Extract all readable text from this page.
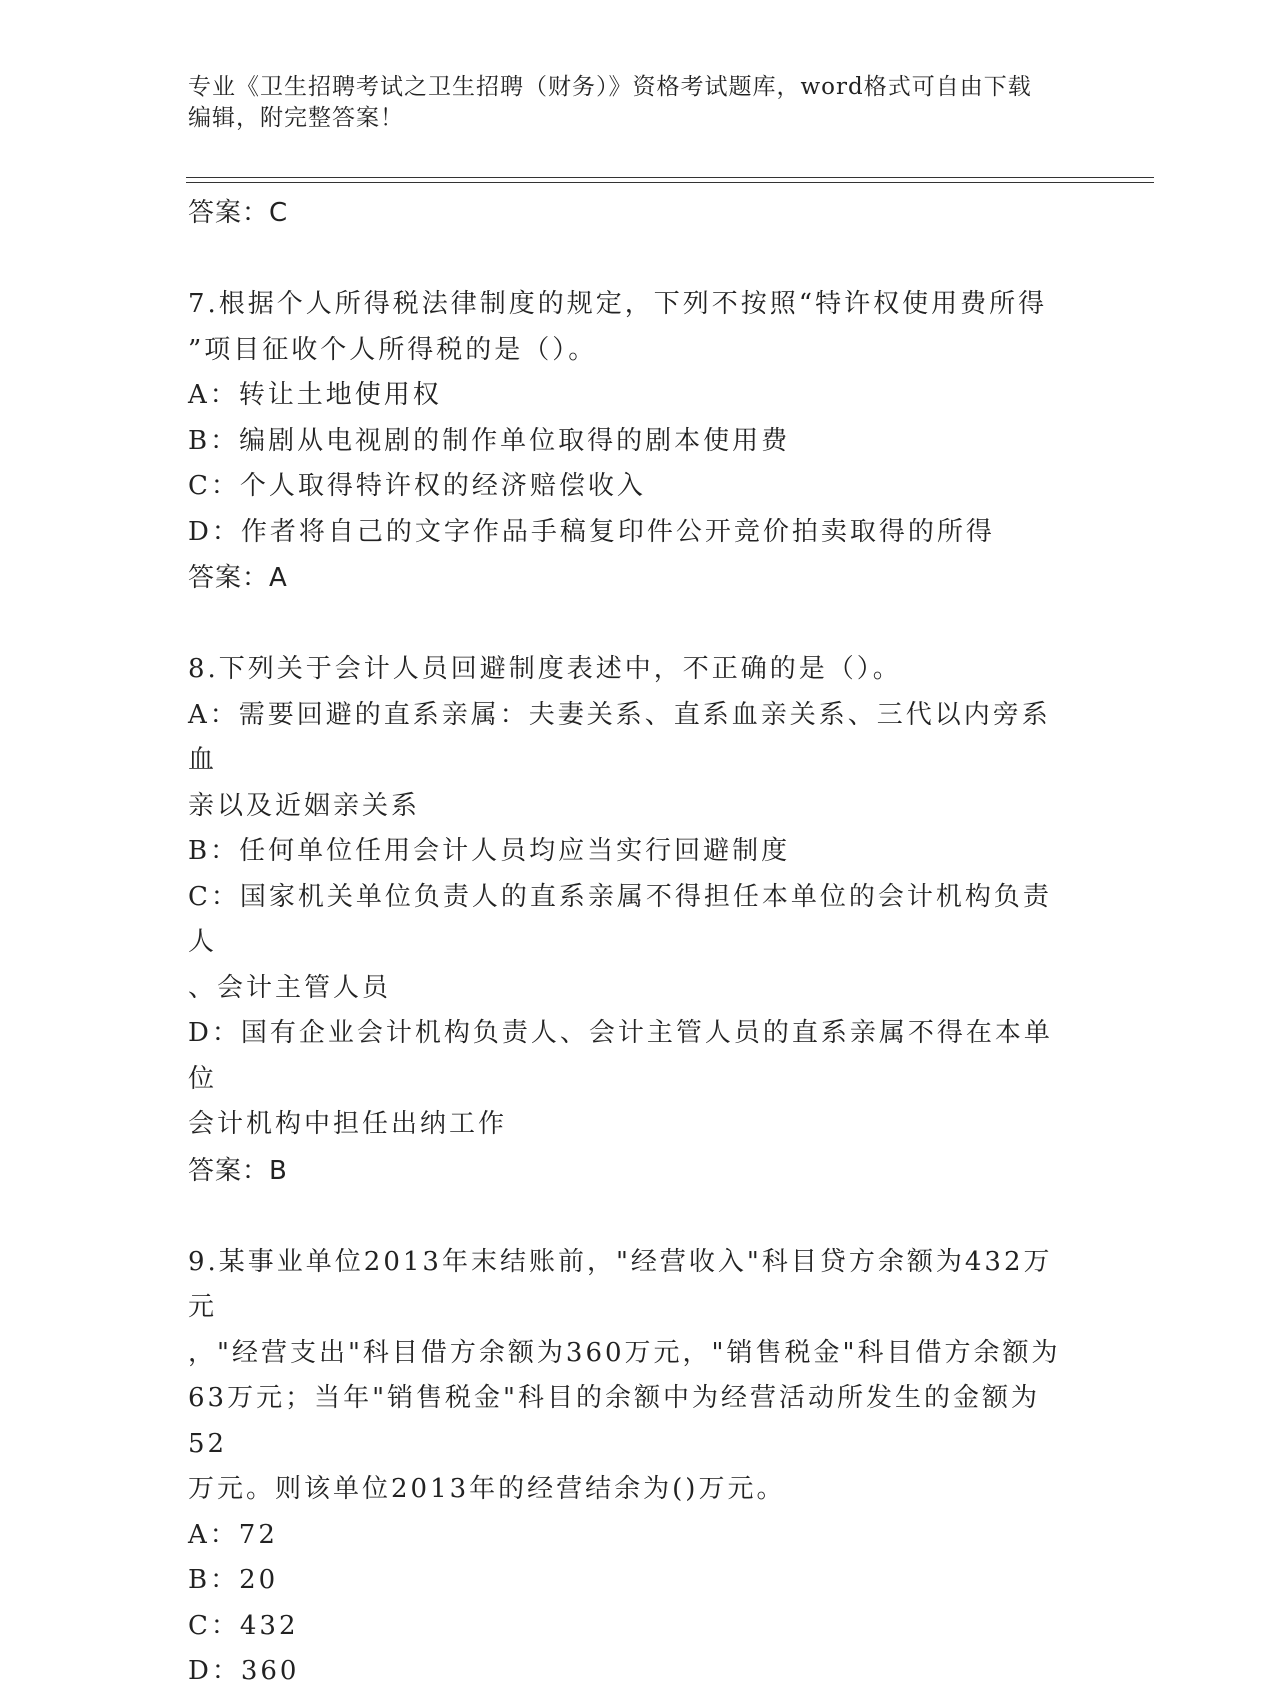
专业《卫生招聘考试之卫生招聘（财务）》资格考试题库，word格式可自由下载
编辑，附完整答案！

答案：C

7.根据个人所得税法律制度的规定，下列不按照“特许权使用费所得

”项目征收个人所得税的是（）。

A：转让土地使用权

B：编剧从电视剧的制作单位取得的剧本使用费

C：个人取得特许权的经济赔偿收入

D：作者将自己的文字作品手稿复印件公开竞价拍卖取得的所得

答案：A

8.下列关于会计人员回避制度表述中，不正确的是（）。

A：需要回避的直系亲属：夫妻关系、直系血亲关系、三代以内旁系血

亲以及近姻亲关系

B：任何单位任用会计人员均应当实行回避制度

C：国家机关单位负责人的直系亲属不得担任本单位的会计机构负责人

、会计主管人员

D：国有企业会计机构负责人、会计主管人员的直系亲属不得在本单位

会计机构中担任出纳工作

答案：B

9.某事业单位2013年末结账前，"经营收入"科目贷方余额为432万元

，"经营支出"科目借方余额为360万元，"销售税金"科目借方余额为

63万元；当年"销售税金"科目的余额中为经营活动所发生的金额为52

万元。则该单位2013年的经营结余为()万元。

A：72

B：20

C：432

D：360
